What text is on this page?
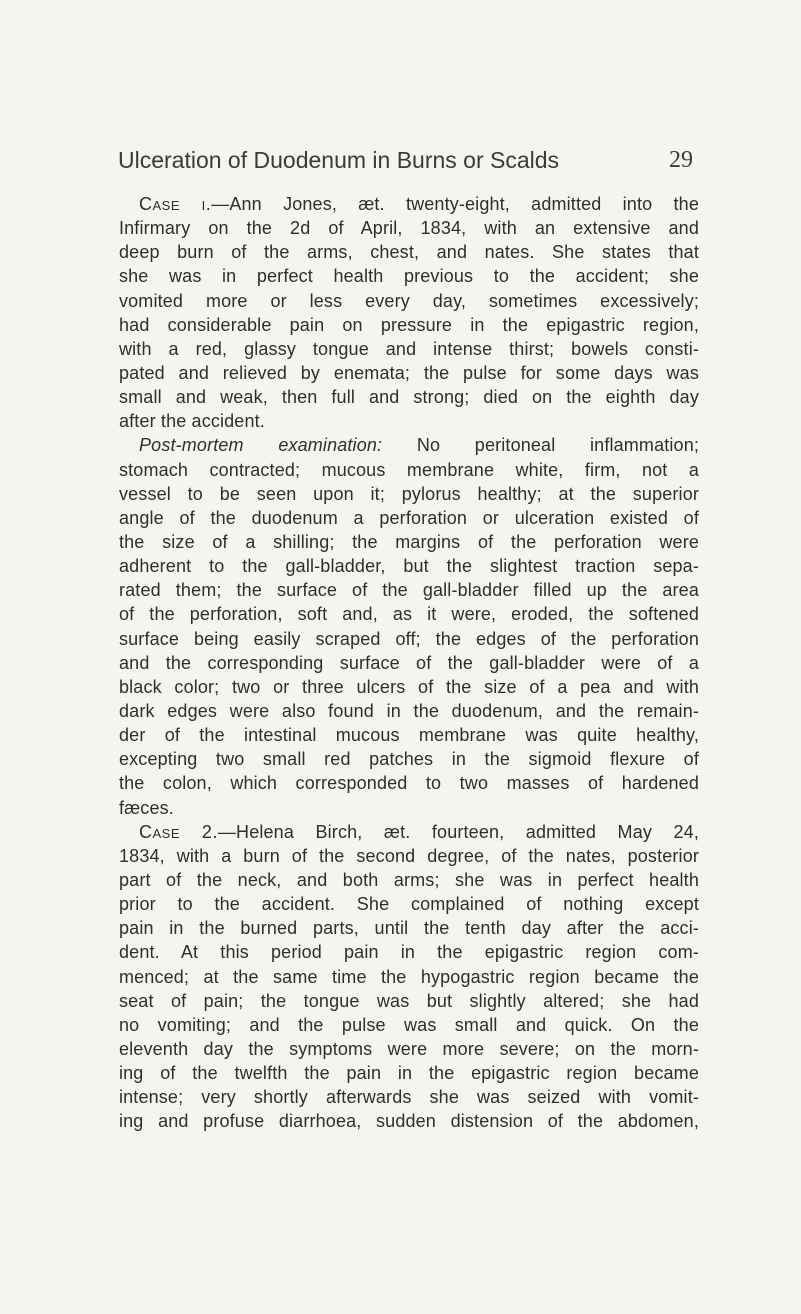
Ulceration of Duodenum in Burns or Scalds	29
Case i.—Ann Jones, æt. twenty-eight, admitted into the
Infirmary on the 2d of April, 1834, with an extensive and
deep burn of the arms, chest, and nates. She states that
she was in perfect health previous to the accident; she
vomited more or less every day, sometimes excessively;
had considerable pain on pressure in the epigastric region,
with a red, glassy tongue and intense thirst; bowels consti-
pated and relieved by enemata; the pulse for some days was
small and weak, then full and strong; died on the eighth day
after the accident.
Post-mortem examination: No peritoneal inflammation;
stomach contracted; mucous membrane white, firm, not a
vessel to be seen upon it; pylorus healthy; at the superior
angle of the duodenum a perforation or ulceration existed of
the size of a shilling; the margins of the perforation were
adherent to the gall-bladder, but the slightest traction sepa-
rated them; the surface of the gall-bladder filled up the area
of the perforation, soft and, as it were, eroded, the softened
surface being easily scraped off; the edges of the perforation
and the corresponding surface of the gall-bladder were of a
black color; two or three ulcers of the size of a pea and with
dark edges were also found in the duodenum, and the remain-
der of the intestinal mucous membrane was quite healthy,
excepting two small red patches in the sigmoid flexure of
the colon, which corresponded to two masses of hardened
fæces.
Case 2.—Helena Birch, æt. fourteen, admitted May 24,
1834, with a burn of the second degree, of the nates, posterior
part of the neck, and both arms; she was in perfect health
prior to the accident. She complained of nothing except
pain in the burned parts, until the tenth day after the acci-
dent. At this period pain in the epigastric region com-
menced; at the same time the hypogastric region became the
seat of pain; the tongue was but slightly altered; she had
no vomiting; and the pulse was small and quick. On the
eleventh day the symptoms were more severe; on the morn-
ing of the twelfth the pain in the epigastric region became
intense; very shortly afterwards she was seized with vomit-
ing and profuse diarrhoea, sudden distension of the abdomen,
